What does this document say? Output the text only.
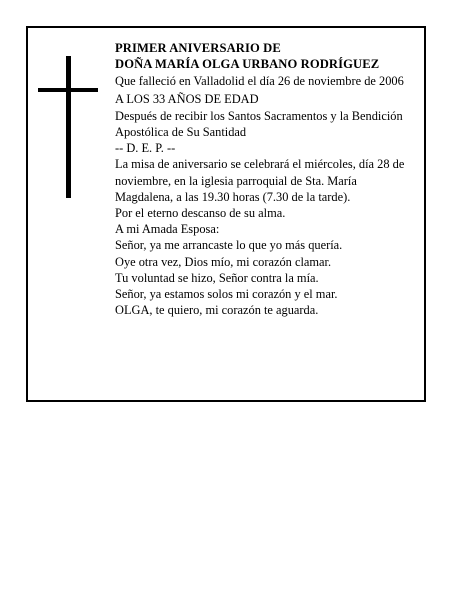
PRIMER ANIVERSARIO DE

DOÑA MARÍA OLGA URBANO RODRÍGUEZ

Que falleció en Valladolid el día 26 de noviembre de 2006

A LOS 33 AÑOS DE EDAD

Después de recibir los Santos Sacramentos y la Bendición Apostólica de Su Santidad

-- D. E. P. --

La misa de aniversario se celebrará el miércoles, día 28 de noviembre, en la iglesia parroquial de Sta. María Magdalena, a las 19.30 horas (7.30 de la tarde).

Por el eterno descanso de su alma.

A mi Amada Esposa:

Señor, ya me arrancaste lo que yo más quería.

Oye otra vez, Dios mío, mi corazón clamar.

Tu voluntad se hizo, Señor contra la mía.

Señor, ya estamos solos mi corazón y el mar.

OLGA, te quiero, mi corazón te aguarda.
